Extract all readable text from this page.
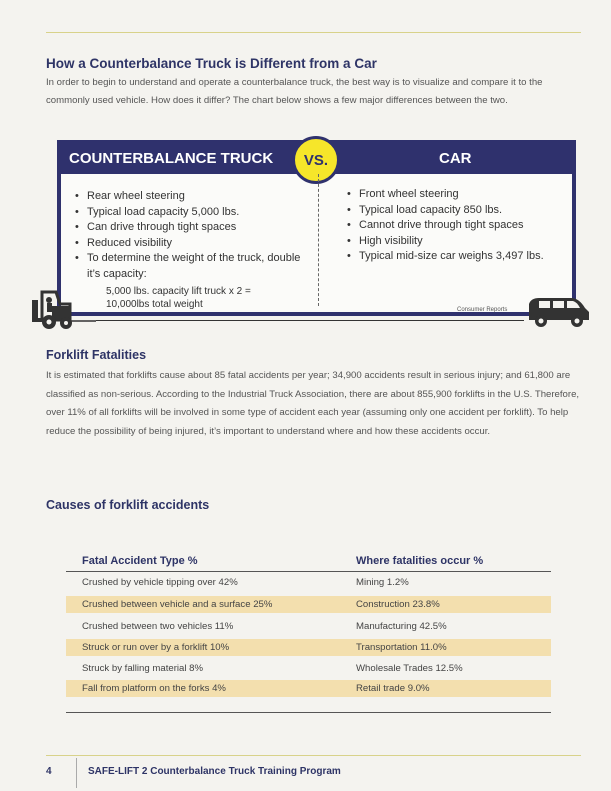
How a Counterbalance Truck is Different from a Car
In order to begin to understand and operate a counterbalance truck, the best way is to visualize and compare it to the commonly used vehicle. How does it differ? The chart below shows a few major differences between the two.
COUNTERBALANCE TRUCK	CAR
VS.
• Rear wheel steering
• Typical load capacity 5,000 lbs.
• Can drive through tight spaces
• Reduced visibility
• To determine the weight of the truck, double it’s capacity:
5,000 lbs. capacity lift truck x 2 =
10,000lbs total weight
• Front wheel steering
• Typical load capacity 850 lbs.
• Cannot drive through tight spaces
• High visibility
• Typical mid-size car weighs 3,497 lbs.
Consumer Reports
Forklift Fatalities
It is estimated that forklifts cause about 85 fatal accidents per year; 34,900 accidents result in serious injury; and 61,800 are classified as non-serious. According to the Industrial Truck Association, there are about 855,900 forklifts in the U.S. Therefore, over 11% of all forklifts will be involved in some type of accident each year (assuming only one accident per forklift). To help reduce the possibility of being injured, it’s important to understand where and how these accidents occur.
Causes of forklift accidents
Fatal Accident Type %	Where fatalities occur %
Crushed by vehicle tipping over 42%	Mining 1.2%
Crushed between vehicle and a surface 25%	Construction 23.8%
Crushed between two vehicles 11%	Manufacturing 42.5%
Struck or run over by a forklift 10%	Transportation 11.0%
Struck by falling material 8%	Wholesale Trades 12.5%
Fall from platform on the forks 4%	Retail trade 9.0%
4	SAFE-LIFT 2 Counterbalance Truck Training Program
